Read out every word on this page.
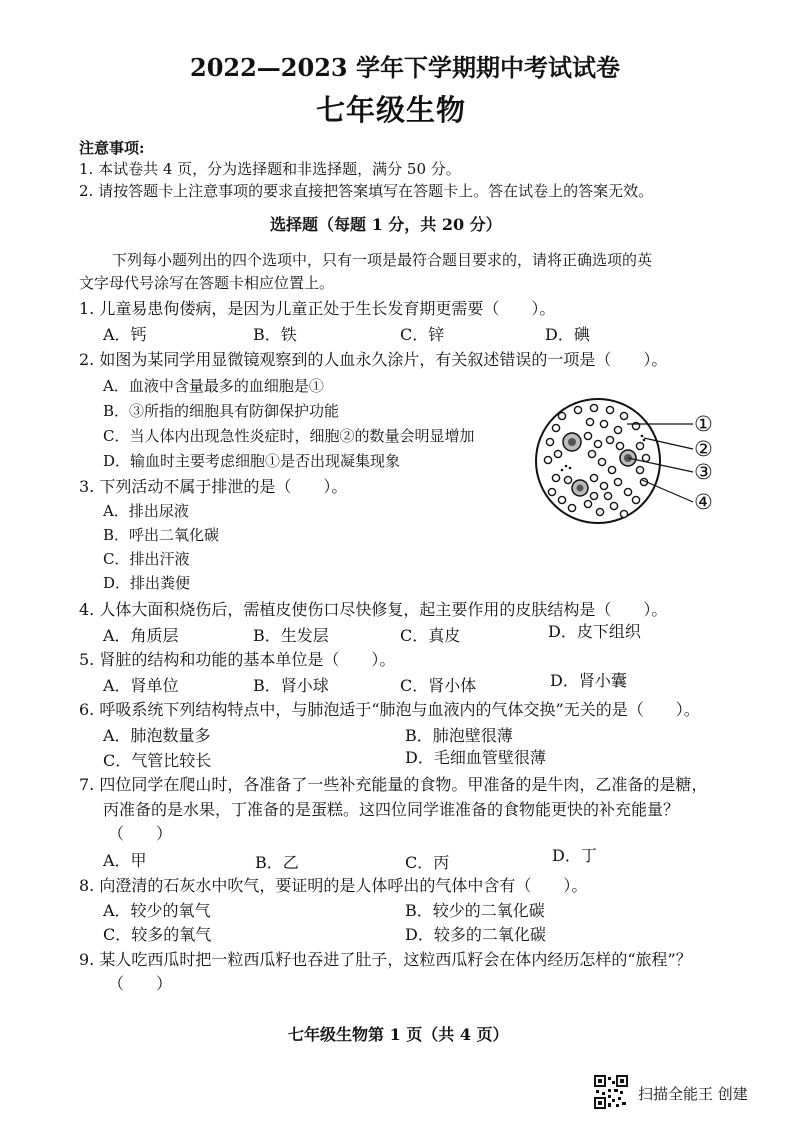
2022—2023 学年下学期期中考试试卷
七年级生物
注意事项:
1. 本试卷共 4 页，分为选择题和非选择题，满分 50 分。
2. 请按答题卡上注意事项的要求直接把答案填写在答题卡上。答在试卷上的答案无效。
选择题（每题 1 分，共 20 分）
下列每小题列出的四个选项中，只有一项是最符合题目要求的，请将正确选项的英
文字母代号涂写在答题卡相应位置上。
1. 儿童易患佝偻病，是因为儿童正处于生长发育期更需要（　　）。
A．钙	B．铁	C．锌	D．碘
2. 如图为某同学用显微镜观察到的人血永久涂片，有关叙述错误的一项是（　　）。
A．血液中含量最多的血细胞是①
B．③所指的细胞具有防御保护功能
C．当人体内出现急性炎症时，细胞②的数量会明显增加
D．输血时主要考虑细胞①是否出现凝集现象
①
②
③
④
3. 下列活动不属于排泄的是（　　）。
A．排出尿液
B．呼出二氧化碳
C．排出汗液
D．排出粪便
4. 人体大面积烧伤后，需植皮使伤口尽快修复，起主要作用的皮肤结构是（　　）。
A．角质层	B．生发层	C．真皮	D．皮下组织
5. 肾脏的结构和功能的基本单位是（　　）。
A．肾单位	B．肾小球	C．肾小体	D．肾小囊
6. 呼吸系统下列结构特点中，与肺泡适于“肺泡与血液内的气体交换”无关的是（　　）。
A．肺泡数量多	B．肺泡壁很薄
C．气管比较长	D．毛细血管壁很薄
7. 四位同学在爬山时，各准备了一些补充能量的食物。甲准备的是牛肉，乙准备的是糖，
丙准备的是水果，丁准备的是蛋糕。这四位同学谁准备的食物能更快的补充能量？
（　　）
A．甲	B．乙	C．丙	D．丁
8. 向澄清的石灰水中吹气，要证明的是人体呼出的气体中含有（　　）。
A．较少的氧气	B．较少的二氧化碳
C．较多的氧气	D．较多的二氧化碳
9. 某人吃西瓜时把一粒西瓜籽也吞进了肚子，这粒西瓜籽会在体内经历怎样的“旅程”？
（　　）
七年级生物第 1 页（共 4 页）
扫描全能王 创建
